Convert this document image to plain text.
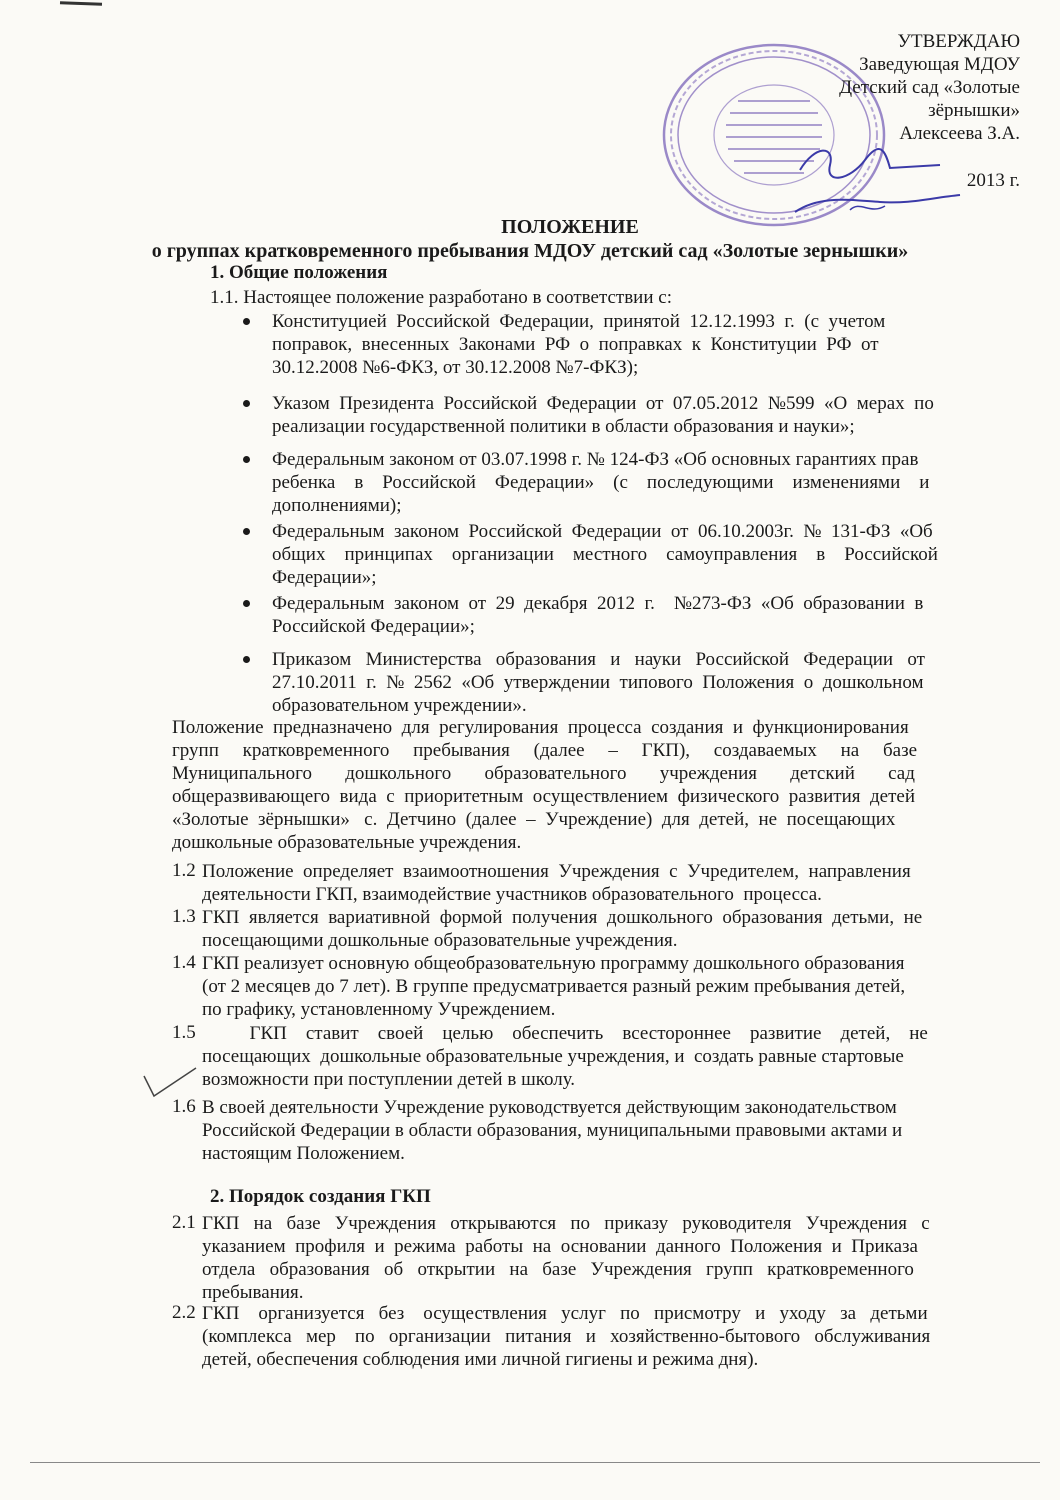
УТВЕРЖДАЮ
Заведующая МДОУ
Детский сад «Золотые
зёрнышки»
Алексеева З.А.
2013 г.
ПОЛОЖЕНИЕ
о группах кратковременного пребывания МДОУ детский сад «Золотые зернышки»
1. Общие положения
1.1. Настоящее положение разработано в соответствии с:
2. Порядок создания ГКП
Конституцией  Российской  Федерации,  принятой  12.12.1993  г.  (с  учетом
поправок,  внесенных  Законами  РФ  о  поправках  к  Конституции  РФ  от
30.12.2008 №6-ФКЗ, от 30.12.2008 №7-ФКЗ);
Указом  Президента  Российской  Федерации  от  07.05.2012  №599  «О  мерах  по
реализации государственной политики в области образования и науки»;
Федеральным законом от 03.07.1998 г. № 124-ФЗ «Об основных гарантиях прав
ребенка    в    Российской    Федерации»    (с    последующими    изменениями    и
дополнениями);
Федеральным  законом  Российской  Федерации  от  06.10.2003г.  №  131-ФЗ  «Об
общих    принципах    организации    местного    самоуправления    в    Российской
Федерации»;
Федеральным  законом  от  29  декабря  2012  г.    №273-ФЗ  «Об  образовании  в
Российской Федерации»;
Приказом   Министерства   образования   и   науки   Российской   Федерации   от
27.10.2011  г.  №  2562  «Об  утверждении  типового  Положения  о  дошкольном
образовательном учреждении».
Положение  предназначено  для  регулирования  процесса  создания  и  функционирования
групп     кратковременного     пребывания     (далее     –     ГКП),     создаваемых     на     базе
Муниципального       дошкольного       образовательного       учреждения       детский       сад
общеразвивающего  вида  с  приоритетным  осуществлением  физического  развития  детей
«Золотые  зёрнышки»   с.  Детчино  (далее  –  Учреждение)  для  детей,  не  посещающих
дошкольные образовательные учреждения.
1.2 Положение  определяет  взаимоотношения  Учреждения  с  Учредителем,  направления
деятельности ГКП, взаимодействие участников образовательного  процесса.
1.3 ГКП  является  вариативной  формой  получения  дошкольного  образования  детьми,  не
посещающими дошкольные образовательные учреждения.
1.4 ГКП реализует основную общеобразовательную программу дошкольного образования
(от 2 месяцев до 7 лет). В группе предусматривается разный режим пребывания детей,
по графику, установленному Учреждением.
1.5 ГКП    ставит    своей    целью    обеспечить    всестороннее    развитие    детей,    не
посещающих  дошкольные образовательные учреждения, и  создать равные стартовые
возможности при поступлении детей в школу.
1.6 В своей деятельности Учреждение руководствуется действующим законодательством
Российской Федерации в области образования, муниципальными правовыми актами и
настоящим Положением.
2.1 ГКП   на   базе   Учреждения   открываются   по   приказу   руководителя   Учреждения   с
указанием  профиля  и  режима  работы  на  основании  данного  Положения  и  Приказа
отдела   образования   об   открытии   на   базе   Учреждения   групп   кратковременного
пребывания.
2.2 ГКП    организуется   без    осуществления   услуг   по   присмотру   и   уходу   за   детьми
(комплекса   мер    по   организации   питания   и   хозяйственно-бытового   обслуживания
детей, обеспечения соблюдения ими личной гигиены и режима дня).
